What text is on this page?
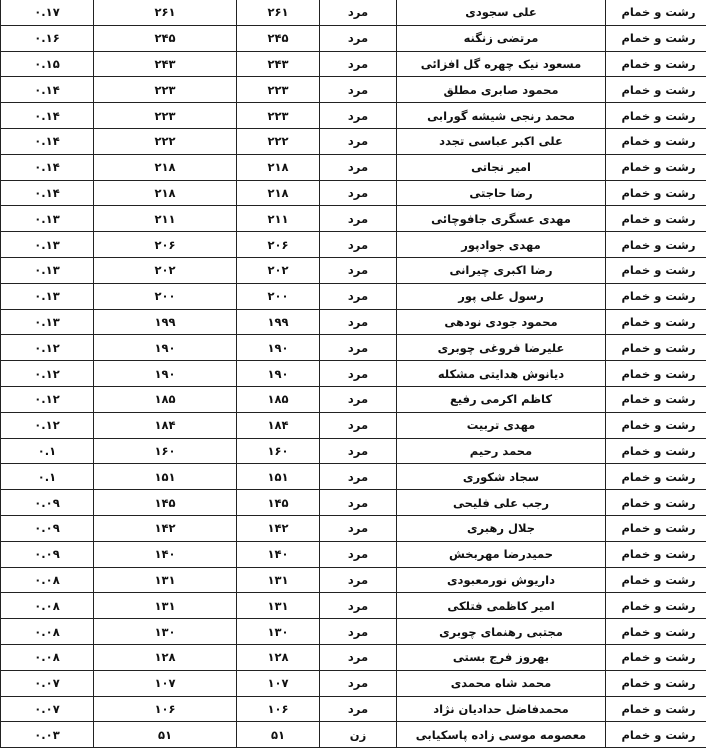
۰.۱۷	۲۶۱	۲۶۱	مرد	علی سجودی	رشت و خمام
۰.۱۶	۲۴۵	۲۴۵	مرد	مرتضی زنگنه	رشت و خمام
۰.۱۵	۲۴۳	۲۴۳	مرد	مسعود نیک چهره گل افزائی	رشت و خمام
۰.۱۴	۲۲۳	۲۲۳	مرد	محمود صابری مطلق	رشت و خمام
۰.۱۴	۲۲۳	۲۲۳	مرد	محمد رنجی شیشه گورابی	رشت و خمام
۰.۱۴	۲۲۲	۲۲۲	مرد	علی اکبر عباسی تجدد	رشت و خمام
۰.۱۴	۲۱۸	۲۱۸	مرد	امیر نجاتی	رشت و خمام
۰.۱۴	۲۱۸	۲۱۸	مرد	رضا حاجتی	رشت و خمام
۰.۱۳	۲۱۱	۲۱۱	مرد	مهدی عسگری جافوچائی	رشت و خمام
۰.۱۳	۲۰۶	۲۰۶	مرد	مهدی جوادپور	رشت و خمام
۰.۱۳	۲۰۲	۲۰۲	مرد	رضا اکبری چیرانی	رشت و خمام
۰.۱۳	۲۰۰	۲۰۰	مرد	رسول علی پور	رشت و خمام
۰.۱۳	۱۹۹	۱۹۹	مرد	محمود جودی نودهی	رشت و خمام
۰.۱۲	۱۹۰	۱۹۰	مرد	علیرضا فروغی چوبری	رشت و خمام
۰.۱۲	۱۹۰	۱۹۰	مرد	دیانوش هدایتی مشکله	رشت و خمام
۰.۱۲	۱۸۵	۱۸۵	مرد	کاظم اکرمی رفیع	رشت و خمام
۰.۱۲	۱۸۴	۱۸۴	مرد	مهدی تربیت	رشت و خمام
۰.۱	۱۶۰	۱۶۰	مرد	محمد رحیم	رشت و خمام
۰.۱	۱۵۱	۱۵۱	مرد	سجاد شکوری	رشت و خمام
۰.۰۹	۱۴۵	۱۴۵	مرد	رجب علی فلیحی	رشت و خمام
۰.۰۹	۱۴۲	۱۴۲	مرد	جلال رهبری	رشت و خمام
۰.۰۹	۱۴۰	۱۴۰	مرد	حمیدرضا مهربخش	رشت و خمام
۰.۰۸	۱۳۱	۱۳۱	مرد	داریوش نورمعبودی	رشت و خمام
۰.۰۸	۱۳۱	۱۳۱	مرد	امیر کاظمی فتلکی	رشت و خمام
۰.۰۸	۱۳۰	۱۳۰	مرد	مجتبی رهنمای چوبری	رشت و خمام
۰.۰۸	۱۲۸	۱۲۸	مرد	بهروز فرج بستی	رشت و خمام
۰.۰۷	۱۰۷	۱۰۷	مرد	محمد شاه محمدی	رشت و خمام
۰.۰۷	۱۰۶	۱۰۶	مرد	محمدفاضل حدادیان نژاد	رشت و خمام
۰.۰۳	۵۱	۵۱	زن	معصومه موسی زاده پاسکیابی	رشت و خمام
